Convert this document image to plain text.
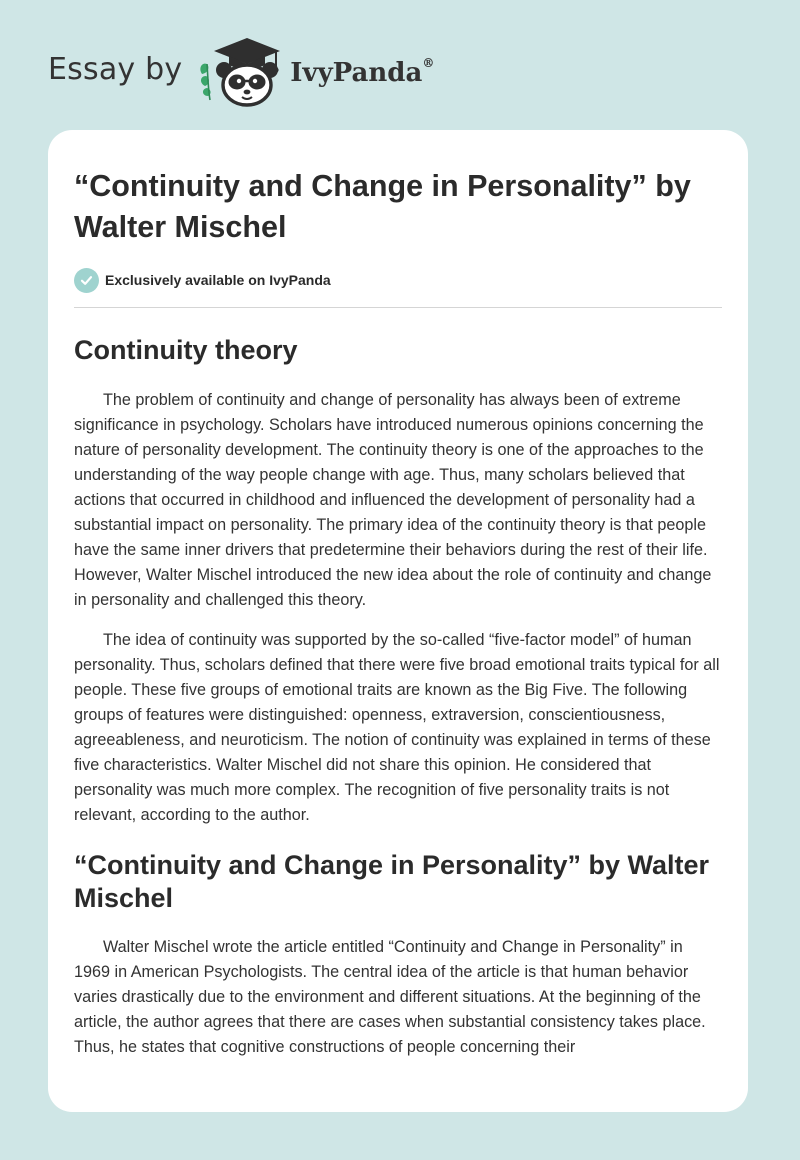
Essay by	IvyPanda®
“Continuity and Change in Personality” by Walter Mischel
Exclusively available on IvyPanda
Continuity theory

The problem of continuity and change of personality has always been of extreme significance in psychology. Scholars have introduced numerous opinions concerning the nature of personality development. The continuity theory is one of the approaches to the understanding of the way people change with age. Thus, many scholars believed that actions that occurred in childhood and influenced the development of personality had a substantial impact on personality. The primary idea of the continuity theory is that people have the same inner drivers that predetermine their behaviors during the rest of their life. However, Walter Mischel introduced the new idea about the role of continuity and change in personality and challenged this theory.

The idea of continuity was supported by the so-called “five-factor model” of human personality. Thus, scholars defined that there were five broad emotional traits typical for all people. These five groups of emotional traits are known as the Big Five. The following groups of features were distinguished: openness, extraversion, conscientiousness, agreeableness, and neuroticism. The notion of continuity was explained in terms of these five characteristics. Walter Mischel did not share this opinion. He considered that personality was much more complex. The recognition of five personality traits is not relevant, according to the author.

“Continuity and Change in Personality” by Walter Mischel

Walter Mischel wrote the article entitled “Continuity and Change in Personality” in 1969 in American Psychologists. The central idea of the article is that human behavior varies drastically due to the environment and different situations. At the beginning of the article, the author agrees that there are cases when substantial consistency takes place. Thus, he states that cognitive constructions of people concerning their
